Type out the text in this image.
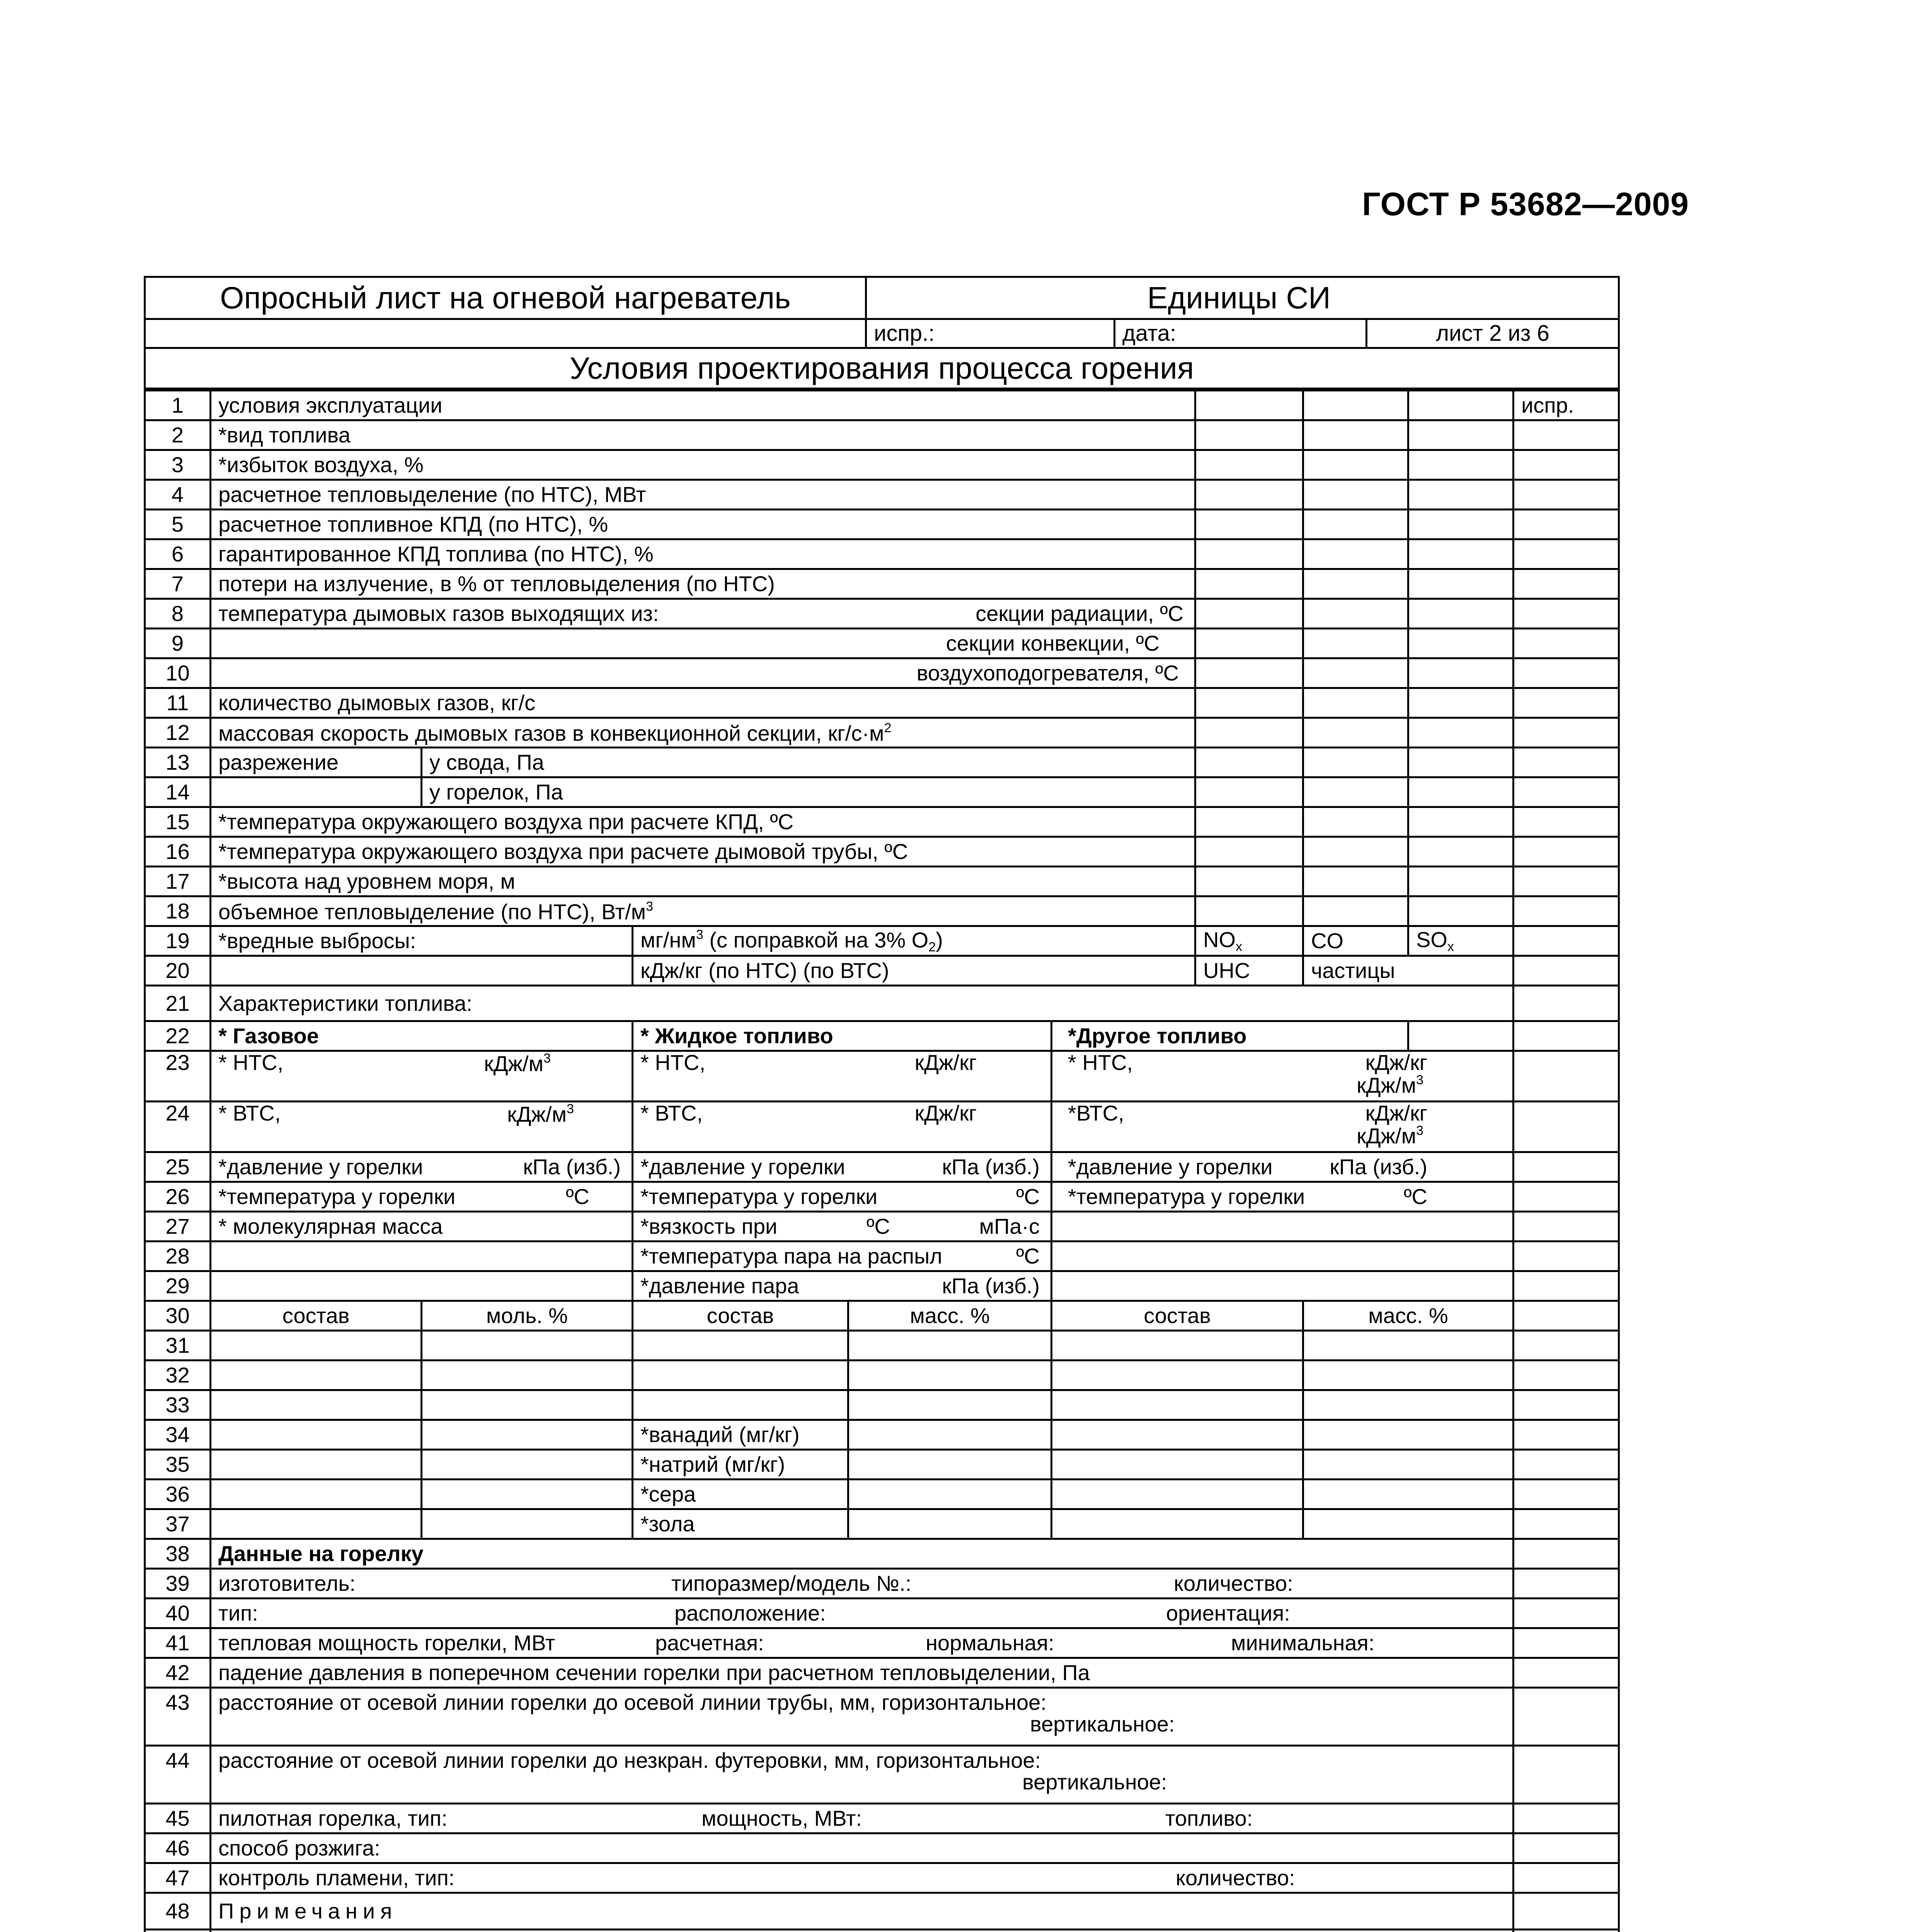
ГОСТ Р 53682—2009
Опросный лист на огневой нагреватель	Единицы СИ		
	испр.:	дата:	лист 2 из 6
Условия проектирования процесса горения			
1	условия эксплуатации								испр.
2	*вид топлива								
3	*избыток воздуха, %								
4	расчетное тепловыделение (по НТС), МВт								
5	расчетное топливное КПД (по НТС), %								
6	гарантированное КПД топлива (по НТС), %								
7	потери на излучение, в % от тепловыделения (по НТС)								
8	температура дымовых газов выходящих из: секции радиации, ºС								

9	секции конвекции, ºС								
10	воздухоподогревателя, ºС								
11	количество дымовых газов, кг/с								
12	массовая скорость дымовых газов в конвекционной секции, $кг/с\cdot м^2$				
13	разрежение	у свода, Па							
14		у горелок, Па							
15	*температура окружающего воздуха при расчете КПД, ºС								
16	*температура окружающего воздуха при расчете дымовой трубы, ºС								
17	*высота над уровнем моря, м								
18	объемное тепловыделение (по НТС), $Вт/м^3$				
19	*вредные выбросы:		$мг/нм^3$ (с поправкой на 3% $О_2$)			$NO_x$	CO	$SO_x$	
20			кДж/кг (по НТС) (по ВТС)			UHC	частицы		
21	Характеристики топлива:								
22	* Газовое		* Жидкое топливо		*Другое топливо				
23	* НТС, кДж/$м^3$		* НТС, кДж/кг		* НТС, кДж/кг
кДж/$м^3$

24	* ВТС, кДж/$м^3$		* ВТС, кДж/кг		*ВТС, кДж/кг
кДж/$м^3$

25	*давление у горелки кПа (изб.)		*давление у горелки кПа (изб.)		*давление у горелки кПа (изб.)				

26	*температура у горелки ºС		*температура у горелки ºС		*температура у горелки ºС				

27	* молекулярная масса		*вязкость при ºС мПа·с						

28			*температура пара на распыл ºС						

29			*давление пара кПа (изб.)						

30	состав	моль. %	состав	масс. %	состав		масс. %		
31									
32									
33									
34			*ванадий (мг/кг)						
35			*натрий (мг/кг)						
36			*сера						
37			*зола						
38	Данные на горелку								
39	изготовитель: типоразмер/модель №.: количество:								

40	тип: расположение: ориентация:								

41	тепловая мощность горелки, МВт расчетная: нормальная: минимальная:								

42	падение давления в поперечном сечении горелки при расчетном тепловыделении, Па								
43	расстояние от осевой линии горелки до осевой линии трубы, мм, горизонтальное:
вертикальное:								

44	расстояние от осевой линии горелки до незкран. футеровки, мм, горизонтальное:
вертикальное:								

45	пилотная горелка, тип: мощность, МВт: топливо:								

46	способ розжига:								
47	контроль пламени, тип: количество:								

48	Примечания								
